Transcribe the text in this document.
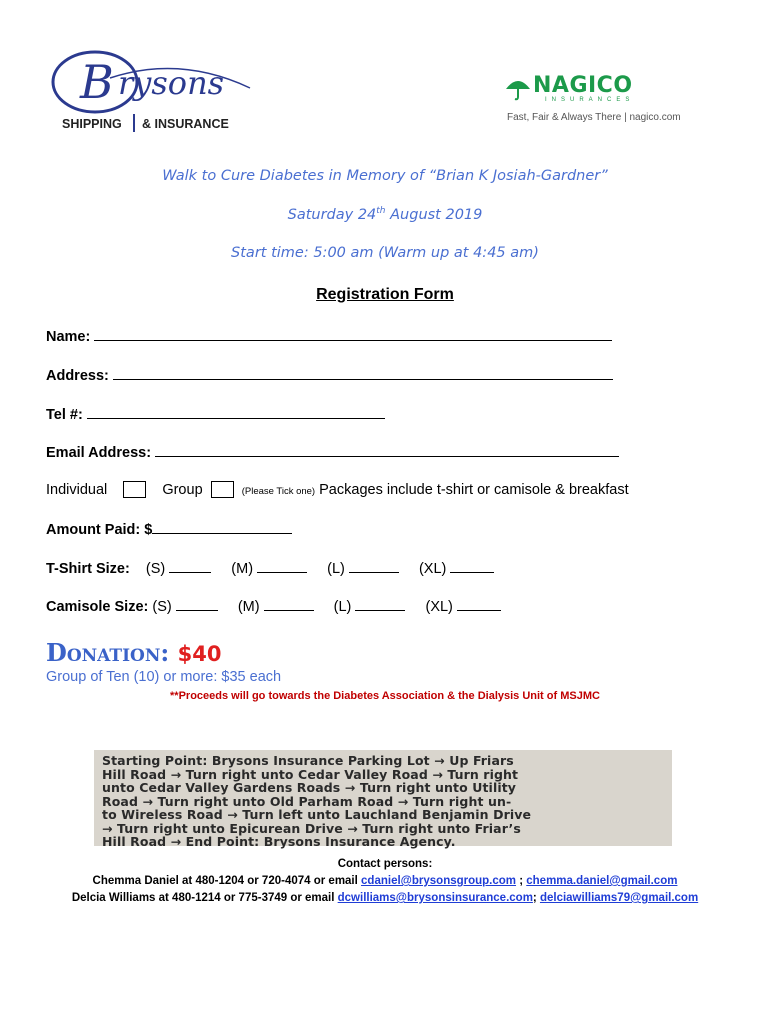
B rysons
SHIPPING & INSURANCE
NAGICO
INSURANCES
Fast, Fair & Always There | nagico.com
Walk to Cure Diabetes in Memory of “Brian K Josiah-Gardner”
Saturday 24th August 2019
Start time: 5:00 am (Warm up at 4:45 am)
Registration Form
Name:
Address:
Tel #:
Email Address:
Individual	Group	(Please Tick one) Packages include t-shirt or camisole & breakfast
Amount Paid: $
T-Shirt Size: (S)	(M)	(L)	(XL)
Camisole Size: (S)	(M)	(L)	(XL)
Donation: $40
Group of Ten (10) or more: $35 each
**Proceeds will go towards the Diabetes Association & the Dialysis Unit of MSJMC

Starting Point: Brysons Insurance Parking Lot → Up Friars

Hill Road → Turn right unto Cedar Valley Road → Turn right

unto Cedar Valley Gardens Roads → Turn right unto Utility

Road → Turn right unto Old Parham Road → Turn right un-

to Wireless Road → Turn left unto Lauchland Benjamin Drive

→ Turn right unto Epicurean Drive → Turn right unto Friar’s

Hill Road → End Point: Brysons Insurance Agency.

Contact persons:
Chemma Daniel at 480-1204 or 720-4074 or email cdaniel@brysonsgroup.com ; chemma.daniel@gmail.com
Delcia Williams at 480-1214 or 775-3749 or email dcwilliams@brysonsinsurance.com; delciawilliams79@gmail.com
